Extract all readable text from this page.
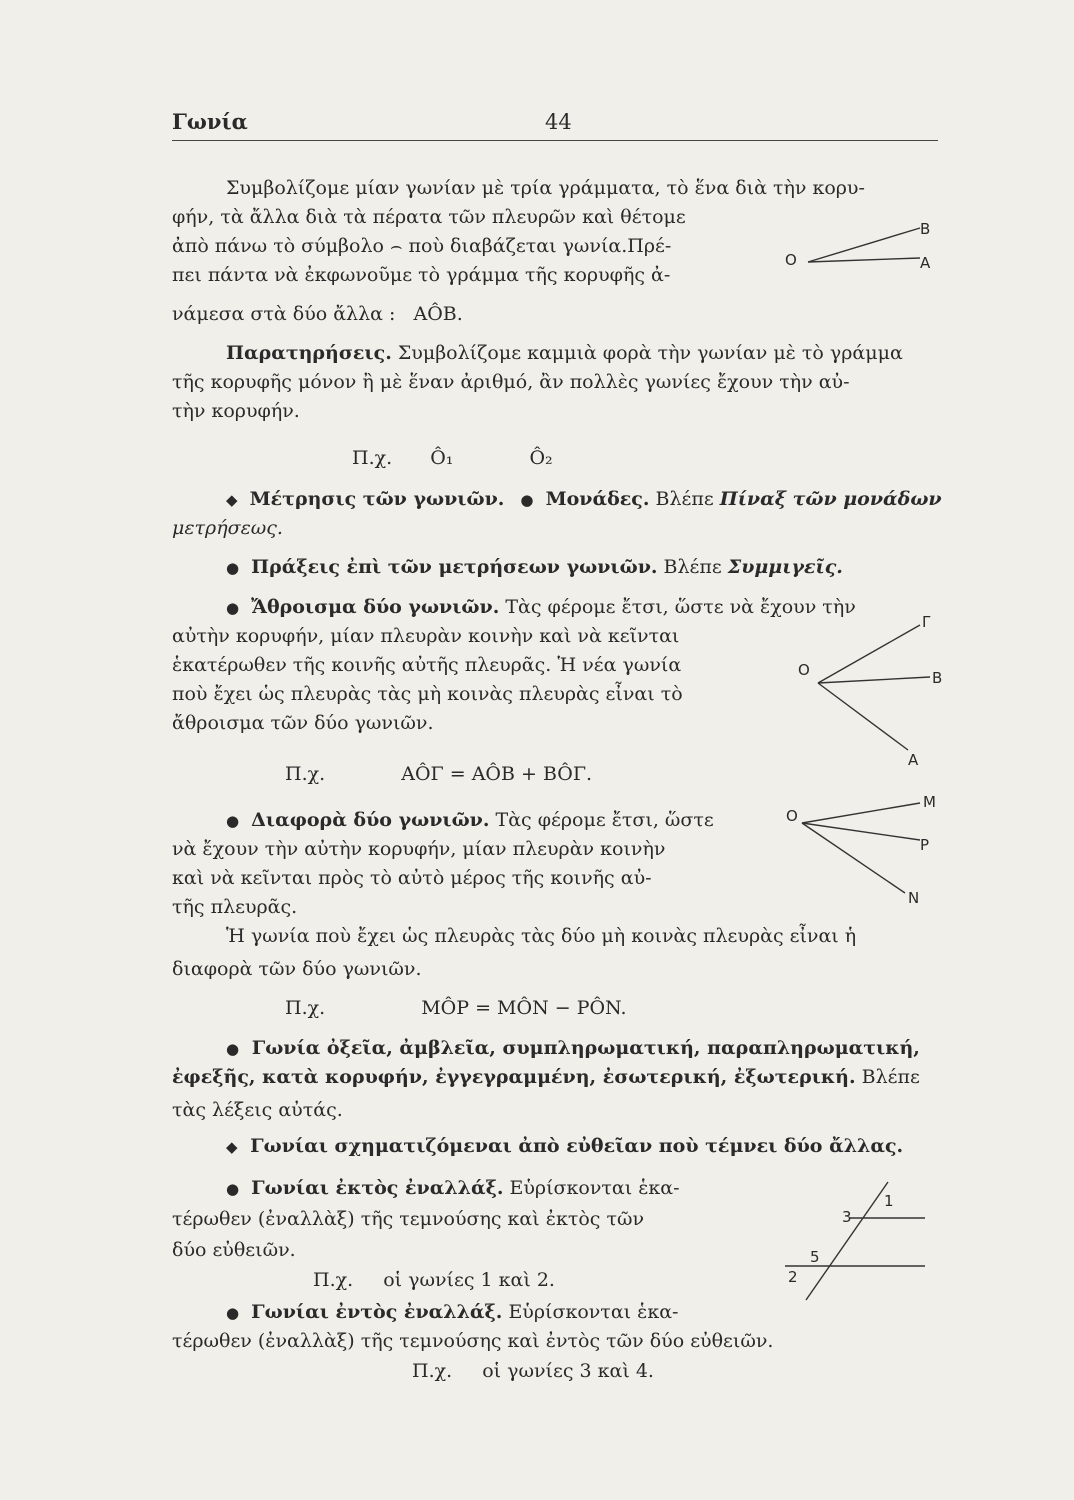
Γωνία	44
Συμβολίζομε μίαν γωνίαν μὲ τρία γράμματα, τὸ ἕνα διὰ τὴν κορυ-
φήν, τὰ ἄλλα διὰ τὰ πέρατα τῶν πλευρῶν καὶ θέτομε
ἀπὸ πάνω τὸ σύμβολο ⌢ ποὺ διαβάζεται γωνία.Πρέ-
πει πάντα νὰ ἐκφωνοῦμε τὸ γράμμα τῆς κορυφῆς ἀ-
νάμεσα στὰ δύο ἄλλα : AÔB.
O
B
A
Παρατηρήσεις. Συμβολίζομε καμμιὰ φορὰ τὴν γωνίαν μὲ τὸ γράμμα
τῆς κορυφῆς μόνον ἢ μὲ ἕναν ἀριθμό, ἂν πολλὲς γωνίες ἔχουν τὴν αὐ-
τὴν κορυφήν.
Π.χ. Ô₁	Ô₂
◆ Μέτρησις τῶν γωνιῶν. ● Μονάδες. Βλέπε Πίναξ τῶν μονάδων
μετρήσεως.
● Πράξεις ἐπὶ τῶν μετρήσεων γωνιῶν. Βλέπε Συμμιγεῖς.
● Ἄθροισμα δύο γωνιῶν. Τὰς φέρομε ἔτσι, ὥστε νὰ ἔχουν τὴν
αὐτὴν κορυφήν, μίαν πλευρὰν κοινὴν καὶ νὰ κεῖνται
ἑκατέρωθεν τῆς κοινῆς αὐτῆς πλευρᾶς. Ἡ νέα γωνία
ποὺ ἔχει ὡς πλευρὰς τὰς μὴ κοινὰς πλευρὰς εἶναι τὸ
ἄθροισμα τῶν δύο γωνιῶν.
Π.χ.	AÔΓ = AÔB + BÔΓ.
Γ
O	B
A
● Διαφορὰ δύο γωνιῶν. Τὰς φέρομε ἔτσι, ὥστε
νὰ ἔχουν τὴν αὐτὴν κορυφήν, μίαν πλευρὰν κοινὴν
καὶ νὰ κεῖνται πρὸς τὸ αὐτὸ μέρος τῆς κοινῆς αὐ-
τῆς πλευρᾶς.
Ἡ γωνία ποὺ ἔχει ὡς πλευρὰς τὰς δύο μὴ κοινὰς πλευρὰς εἶναι ἡ
διαφορὰ τῶν δύο γωνιῶν.
Π.χ.	MÔP = MÔN − PÔN.
O
M
P
N
● Γωνία ὀξεῖα, ἀμβλεῖα, συμπληρωματική, παραπληρωματική,
ἐφεξῆς, κατὰ κορυφήν, ἐγγεγραμμένη, ἐσωτερική, ἐξωτερική. Βλέπε
τὰς λέξεις αὐτάς.
◆ Γωνίαι σχηματιζόμεναι ἀπὸ εὐθεῖαν ποὺ τέμνει δύο ἄλλας.
● Γωνίαι ἐκτὸς ἐναλλάξ. Εὑρίσκονται ἑκα-
τέρωθεν (ἐναλλὰξ) τῆς τεμνούσης καὶ ἐκτὸς τῶν
δύο εὐθειῶν.
Π.χ. οἱ γωνίες 1 καὶ 2.
1
3
5
2
● Γωνίαι ἐντὸς ἐναλλάξ. Εὑρίσκονται ἑκα-
τέρωθεν (ἐναλλὰξ) τῆς τεμνούσης καὶ ἐντὸς τῶν δύο εὐθειῶν.
Π.χ. οἱ γωνίες 3 καὶ 4.
